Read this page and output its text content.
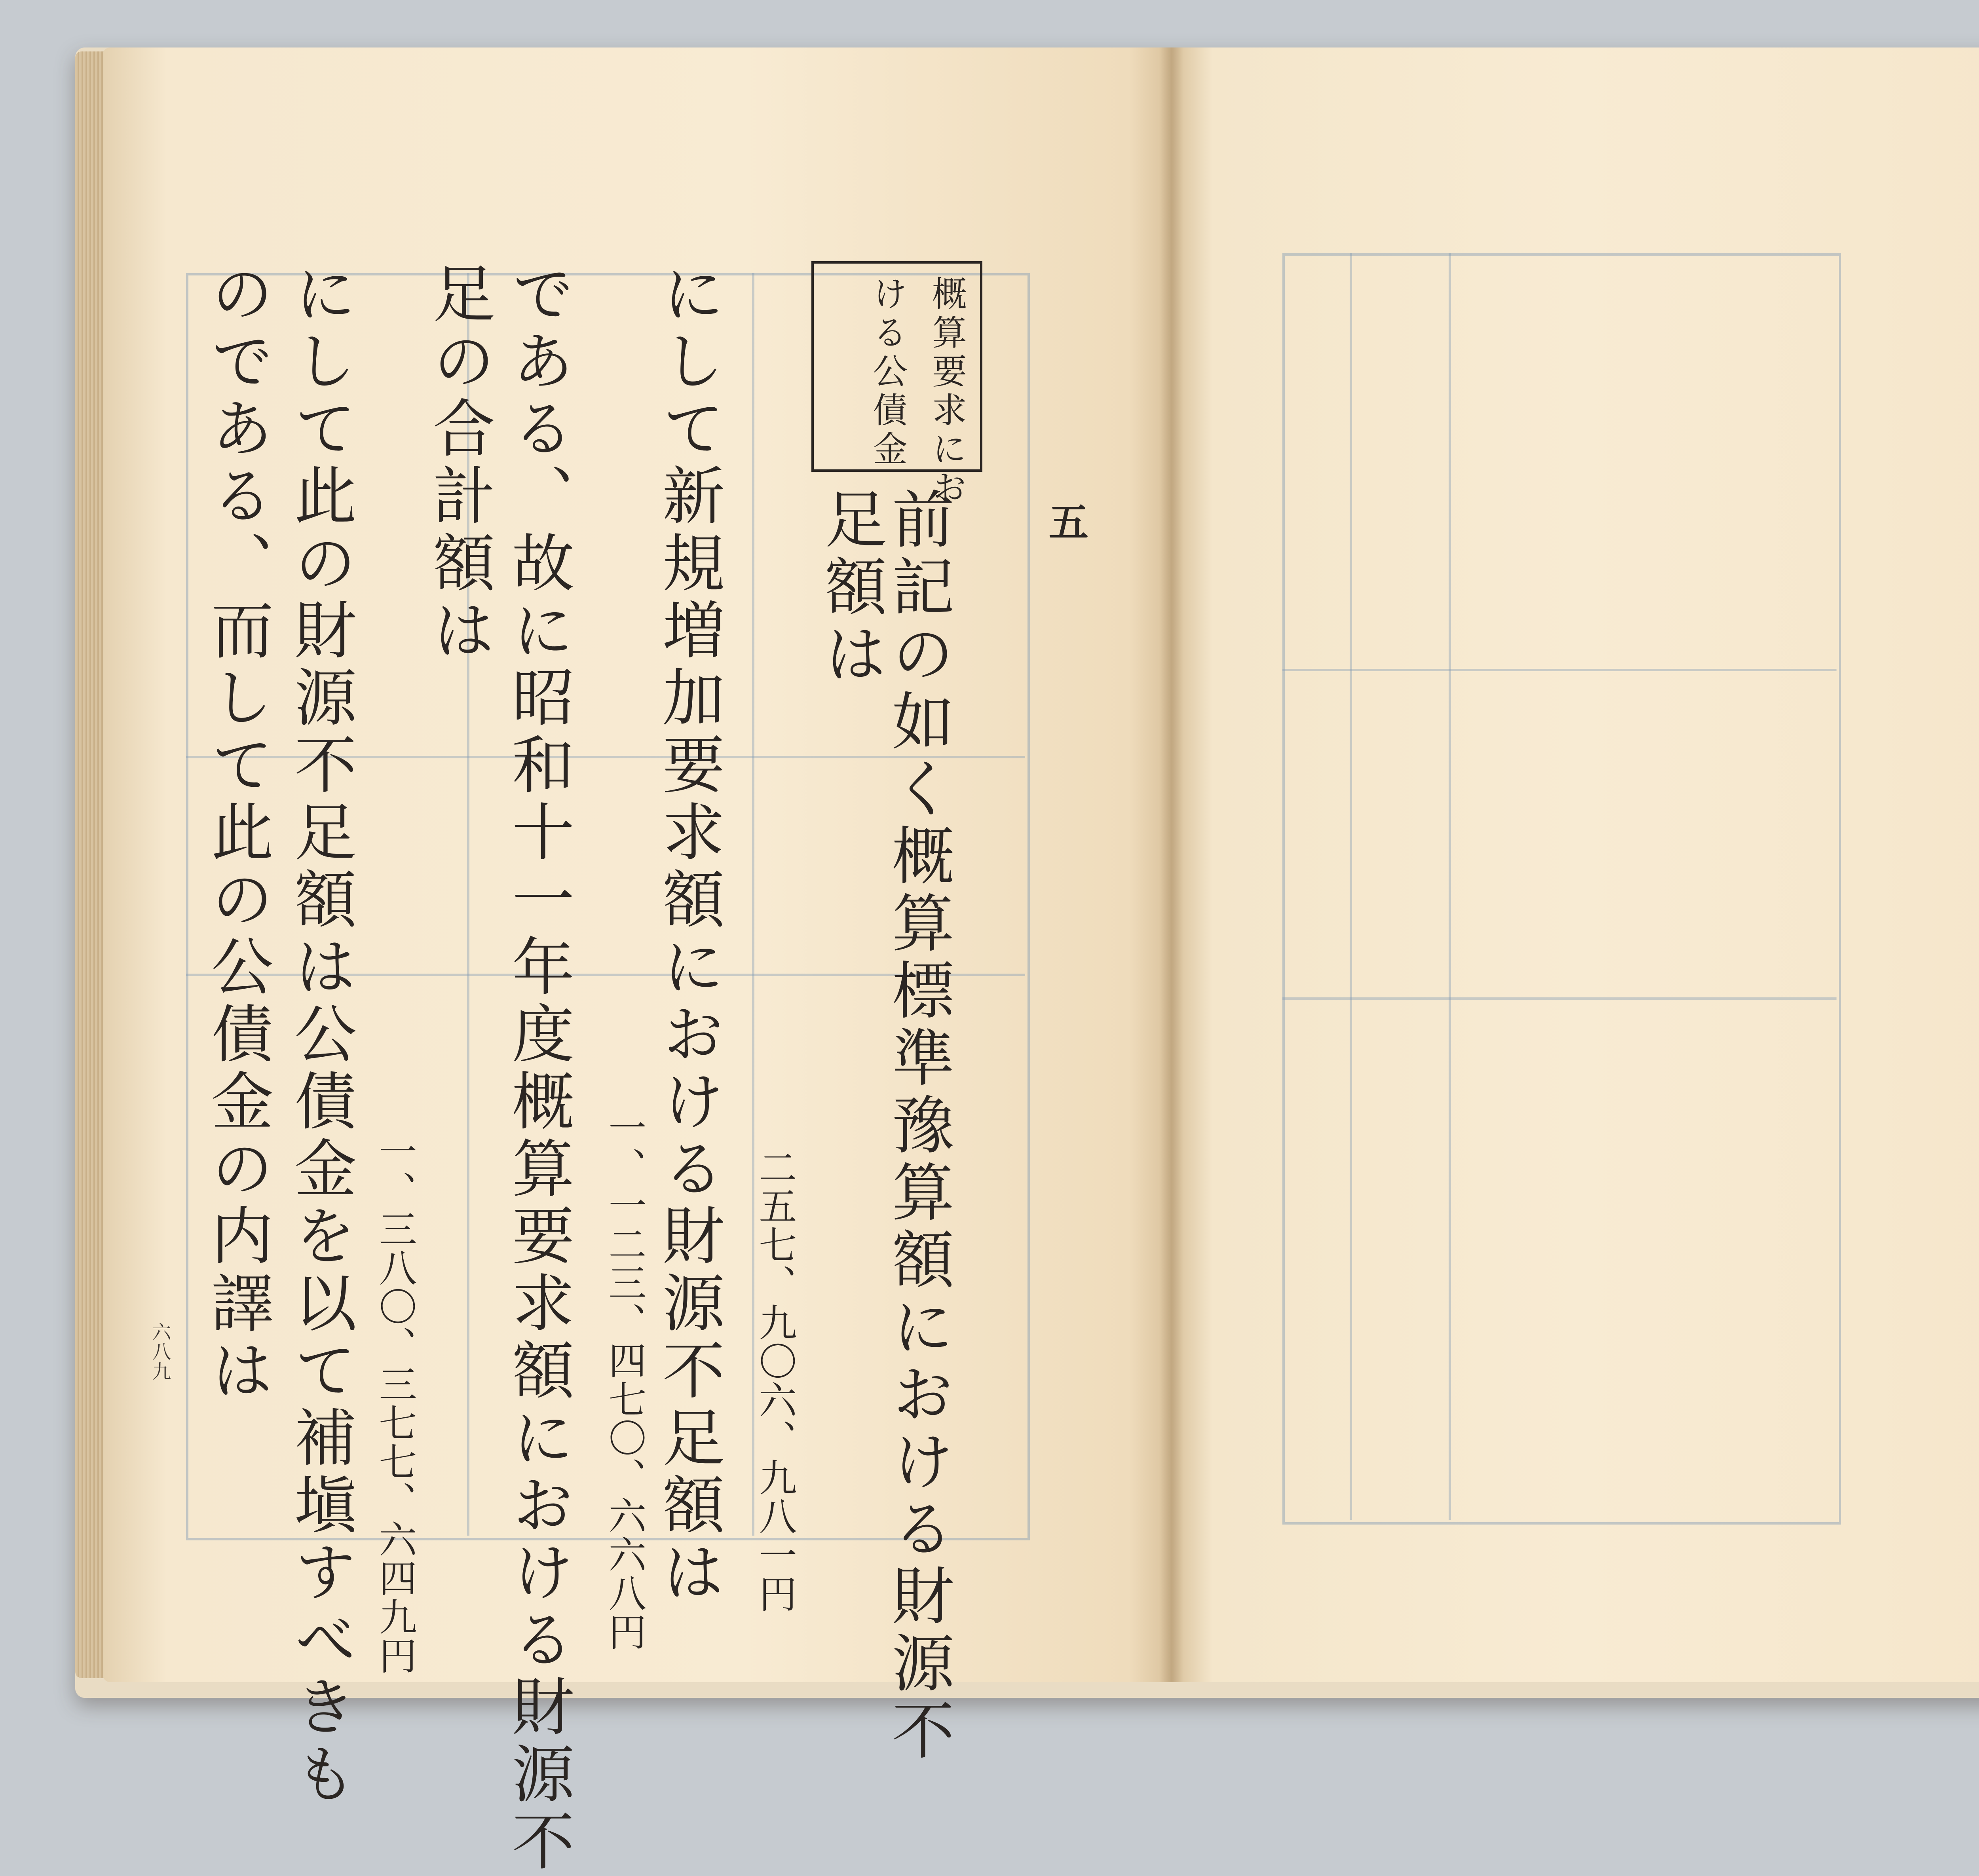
五
概算要求にお
ける公債金
前記の如く概算標準豫算額における財源不
足額は
二五七、九〇六、九八一円
にして新規増加要求額における財源不足額は
一、一二三、四七〇、六六八円
である、故に昭和十一年度概算要求額における財源不
足の合計額は
一、三八〇、三七七、六四九円
にして此の財源不足額は公債金を以て補塡すべきも
のである、而して此の公債金の内譯は
六八九
